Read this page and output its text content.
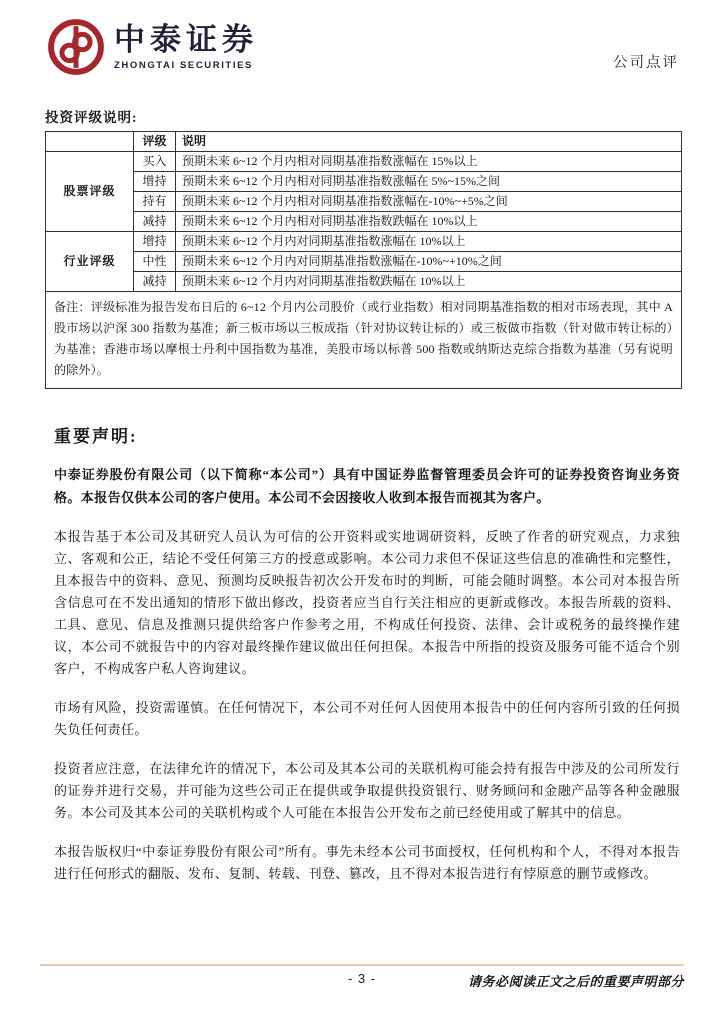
中泰证券
ZHONGTAI SECURITIES	公司点评
投资评级说明:
	评级	说明
股票评级	买入	预期未来 6~12 个月内相对同期基准指数涨幅在 15%以上
	增持	预期未来 6~12 个月内相对同期基准指数涨幅在 5%~15%之间
	持有	预期未来 6~12 个月内相对同期基准指数涨幅在-10%~+5%之间
	减持	预期未来 6~12 个月内相对同期基准指数跌幅在 10%以上
行业评级	增持	预期未来 6~12 个月内对同期基准指数涨幅在 10%以上
	中性	预期未来 6~12 个月内对同期基准指数涨幅在-10%~+10%之间
	减持	预期未来 6~12 个月内对同期基准指数跌幅在 10%以上
备注：评级标准为报告发布日后的 6~12 个月内公司股价（或行业指数）相对同期基准指数的相对市场表现，其中 A 股市场以沪深 300 指数为基准；新三板市场以三板成指（针对协议转让标的）或三板做市指数（针对做市转让标的）为基准；香港市场以摩根士丹利中国指数为基准，美股市场以标普 500 指数或纳斯达克综合指数为基准（另有说明的除外）。		
重要声明:

中泰证券股份有限公司（以下简称“本公司”）具有中国证券监督管理委员会许可的证券投资咨询业务资格。本报告仅供本公司的客户使用。本公司不会因接收人收到本报告而视其为客户。

本报告基于本公司及其研究人员认为可信的公开资料或实地调研资料，反映了作者的研究观点，力求独立、客观和公正，结论不受任何第三方的授意或影响。本公司力求但不保证这些信息的准确性和完整性，且本报告中的资料、意见、预测均反映报告初次公开发布时的判断，可能会随时调整。本公司对本报告所含信息可在不发出通知的情形下做出修改，投资者应当自行关注相应的更新或修改。本报告所载的资料、工具、意见、信息及推测只提供给客户作参考之用，不构成任何投资、法律、会计或税务的最终操作建议，本公司不就报告中的内容对最终操作建议做出任何担保。本报告中所指的投资及服务可能不适合个别客户，不构成客户私人咨询建议。

市场有风险，投资需谨慎。在任何情况下，本公司不对任何人因使用本报告中的任何内容所引致的任何损失负任何责任。

投资者应注意，在法律允许的情况下，本公司及其本公司的关联机构可能会持有报告中涉及的公司所发行的证券并进行交易，并可能为这些公司正在提供或争取提供投资银行、财务顾问和金融产品等各种金融服务。本公司及其本公司的关联机构或个人可能在本报告公开发布之前已经使用或了解其中的信息。

本报告版权归“中泰证券股份有限公司”所有。事先未经本公司书面授权，任何机构和个人，不得对本报告进行任何形式的翻版、发布、复制、转载、刊登、篡改，且不得对本报告进行有悖原意的删节或修改。

- 3 -	请务必阅读正文之后的重要声明部分
